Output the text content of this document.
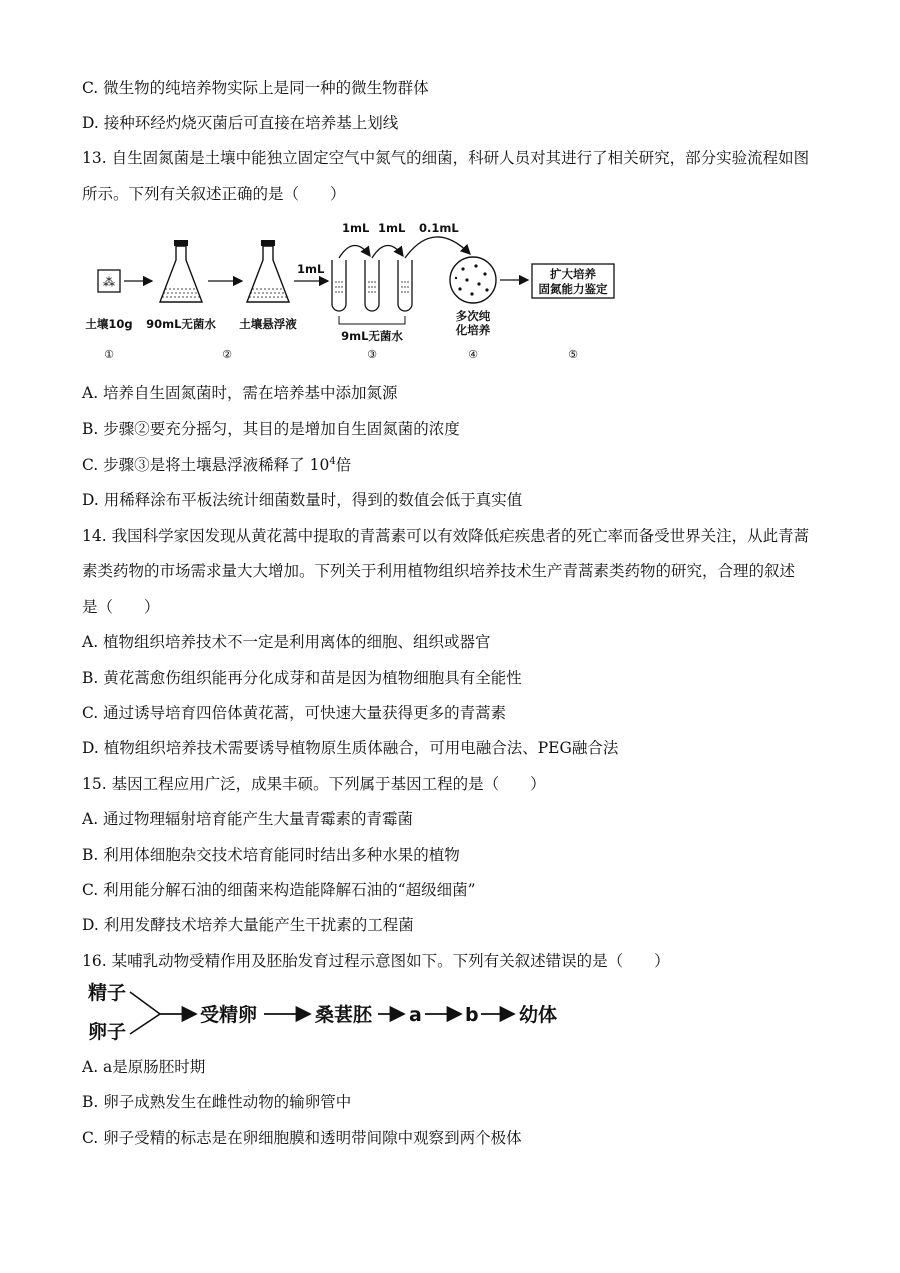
C. 微生物的纯培养物实际上是同一种的微生物群体
D. 接种环经灼烧灭菌后可直接在培养基上划线
13. 自生固氮菌是土壤中能独立固定空气中氮气的细菌，科研人员对其进行了相关研究，部分实验流程如图
所示。下列有关叙述正确的是（　　）
⁂
1mL
1mL 1mL 0.1mL
扩大培养
固氮能力鉴定
土壤10g 90mL无菌水 土壤悬浮液
9mL无菌水
多次纯
化培养
①	②	③	④	⑤
A. 培养自生固氮菌时，需在培养基中添加氮源
B. 步骤②要充分摇匀，其目的是增加自生固氮菌的浓度
C. 步骤③是将土壤悬浮液稀释了 $10^4$倍
D. 用稀释涂布平板法统计细菌数量时，得到的数值会低于真实值
14. 我国科学家因发现从黄花蒿中提取的青蒿素可以有效降低疟疾患者的死亡率而备受世界关注，从此青蒿
素类药物的市场需求量大大增加。下列关于利用植物组织培养技术生产青蒿素类药物的研究，合理的叙述
是（　　）
A. 植物组织培养技术不一定是利用离体的细胞、组织或器官
B. 黄花蒿愈伤组织能再分化成芽和苗是因为植物细胞具有全能性
C. 通过诱导培育四倍体黄花蒿，可快速大量获得更多的青蒿素
D. 植物组织培养技术需要诱导植物原生质体融合，可用电融合法、PEG融合法
15. 基因工程应用广泛，成果丰硕。下列属于基因工程的是（　　）
A. 通过物理辐射培育能产生大量青霉素的青霉菌
B. 利用体细胞杂交技术培育能同时结出多种水果的植物
C. 利用能分解石油的细菌来构造能降解石油的“超级细菌”
D. 利用发酵技术培养大量能产生干扰素的工程菌
16. 某哺乳动物受精作用及胚胎发育过程示意图如下。下列有关叙述错误的是（　　）
精子
卵子
受精卵	桑葚胚 a b 幼体
A. a是原肠胚时期
B. 卵子成熟发生在雌性动物的输卵管中
C. 卵子受精的标志是在卵细胞膜和透明带间隙中观察到两个极体
